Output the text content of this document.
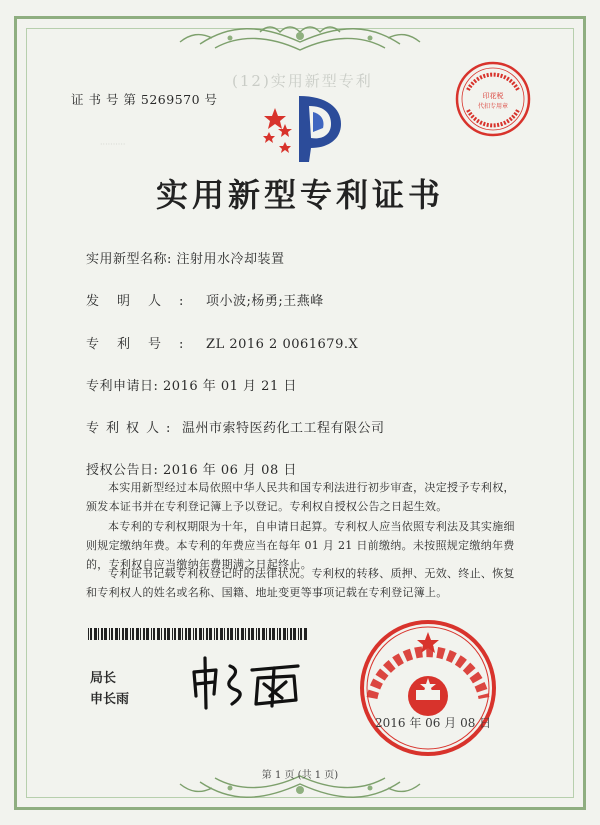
··········
证 书 号 第 5269570 号
(12)实用新型专利
印花税
代扣专用章
实用新型专利证书
实用新型名称: 注射用水冷却装置
发明人: 项小波;杨勇;王燕峰
专利号: ZL 2016 2 0061679.X
专利申请日: 2016 年 01 月 21 日
专利权人: 温州市索特医药化工工程有限公司
授权公告日: 2016 年 06 月 08 日
本实用新型经过本局依照中华人民共和国专利法进行初步审查，决定授予专利权，颁发本证书并在专利登记簿上予以登记。专利权自授权公告之日起生效。
本专利的专利权期限为十年，自申请日起算。专利权人应当依照专利法及其实施细则规定缴纳年费。本专利的年费应当在每年 01 月 21 日前缴纳。未按照规定缴纳年费的，专利权自应当缴纳年费期满之日起终止。
专利证书记载专利权登记时的法律状况。专利权的转移、质押、无效、终止、恢复和专利权人的姓名或名称、国籍、地址变更等事项记载在专利登记簿上。
局长
申长雨
2016 年 06 月 08 日
第 1 页 (共 1 页)
